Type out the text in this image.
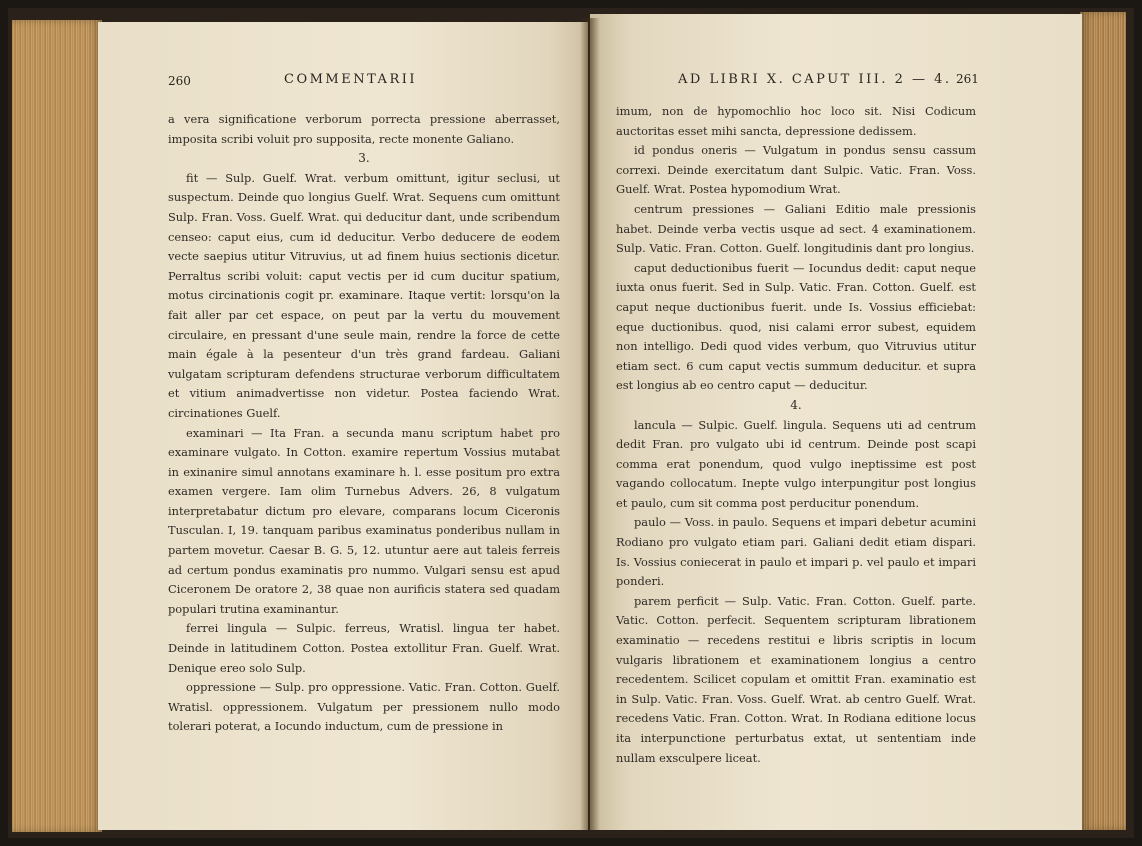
260	COMMENTARII

a vera significatione verborum porrecta pressione aberrasset, imposita scribi voluit pro supposita, recte monente Galiano.

3.

fit — Sulp. Guelf. Wrat. verbum omittunt, igitur seclusi, ut suspectum. Deinde quo longius Guelf. Wrat. Sequens cum omittunt Sulp. Fran. Voss. Guelf. Wrat. qui deducitur dant, unde scribendum censeo: caput eius, cum id deducitur. Verbo deducere de eodem vecte saepius utitur Vitruvius, ut ad finem huius sectionis dicetur. Perraltus scribi voluit: caput vectis per id cum ducitur spatium, motus circinationis cogit pr. examinare. Itaque vertit: lorsqu'on la fait aller par cet espace, on peut par la vertu du mouvement circulaire, en pressant d'une seule main, rendre la force de cette main égale à la pesenteur d'un très grand fardeau. Galiani vulgatam scripturam defendens structurae verborum difficultatem et vitium animadvertisse non videtur. Postea faciendo Wrat. circinationes Guelf.

examinari — Ita Fran. a secunda manu scriptum habet pro examinare vulgato. In Cotton. examire repertum Vossius mutabat in exinanire simul annotans examinare h. l. esse positum pro extra examen vergere. Iam olim Turnebus Advers. 26, 8 vulgatum interpretabatur dictum pro elevare, comparans locum Ciceronis Tusculan. I, 19. tanquam paribus examinatus ponderibus nullam in partem movetur. Caesar B. G. 5, 12. utuntur aere aut taleis ferreis ad certum pondus examinatis pro nummo. Vulgari sensu est apud Ciceronem De oratore 2, 38 quae non aurificis statera sed quadam populari trutina examinantur.

ferrei lingula — Sulpic. ferreus, Wratisl. lingua ter habet. Deinde in latitudinem Cotton. Postea extollitur Fran. Guelf. Wrat. Denique ereo solo Sulp.

oppressione — Sulp. pro oppressione. Vatic. Fran. Cotton. Guelf. Wratisl. oppressionem. Vulgatum per pressionem nullo modo tolerari poterat, a Iocundo inductum, cum de pressione in

AD LIBRI X. CAPUT III. 2 — 4. 261

imum, non de hypomochlio hoc loco sit. Nisi Codicum auctoritas esset mihi sancta, depressione dedissem.

id pondus oneris — Vulgatum in pondus sensu cassum correxi. Deinde exercitatum dant Sulpic. Vatic. Fran. Voss. Guelf. Wrat. Postea hypomodium Wrat.

centrum pressiones — Galiani Editio male pressionis habet. Deinde verba vectis usque ad sect. 4 examinationem. Sulp. Vatic. Fran. Cotton. Guelf. longitudinis dant pro longius.

caput deductionibus fuerit — Iocundus dedit: caput neque iuxta onus fuerit. Sed in Sulp. Vatic. Fran. Cotton. Guelf. est caput neque ductionibus fuerit. unde Is. Vossius efficiebat: eque ductionibus. quod, nisi calami error subest, equidem non intelligo. Dedi quod vides verbum, quo Vitruvius utitur etiam sect. 6 cum caput vectis summum deducitur. et supra est longius ab eo centro caput — deducitur.

4.

lancula — Sulpic. Guelf. lingula. Sequens uti ad centrum dedit Fran. pro vulgato ubi id centrum. Deinde post scapi comma erat ponendum, quod vulgo ineptissime est post vagando collocatum. Inepte vulgo interpungitur post longius et paulo, cum sit comma post perducitur ponendum.

paulo — Voss. in paulo. Sequens et impari debetur acumini Rodiano pro vulgato etiam pari. Galiani dedit etiam dispari. Is. Vossius coniecerat in paulo et impari p. vel paulo et impari ponderi.

parem perficit — Sulp. Vatic. Fran. Cotton. Guelf. parte. Vatic. Cotton. perfecit. Sequentem scripturam librationem examinatio — recedens restitui e libris scriptis in locum vulgaris librationem et examinationem longius a centro recedentem. Scilicet copulam et omittit Fran. examinatio est in Sulp. Vatic. Fran. Voss. Guelf. Wrat. ab centro Guelf. Wrat. recedens Vatic. Fran. Cotton. Wrat. In Rodiana editione locus ita interpunctione perturbatus extat, ut sententiam inde nullam exsculpere liceat.
